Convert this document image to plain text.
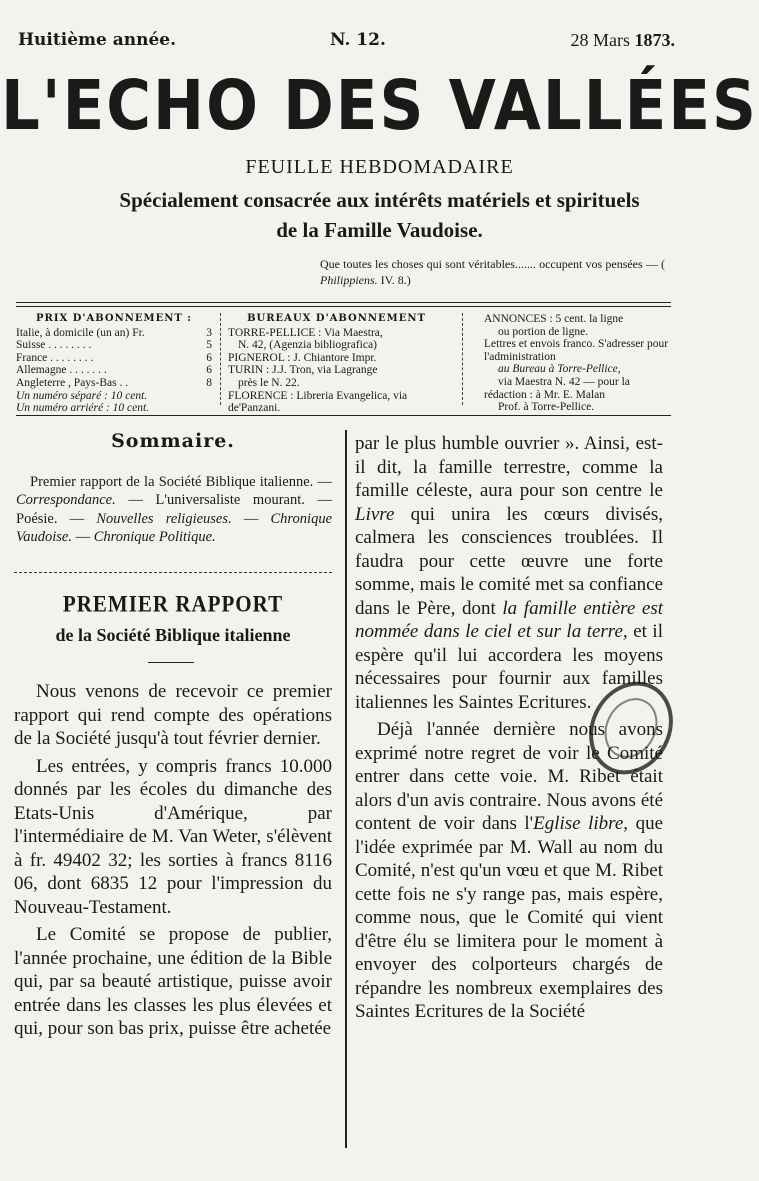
Huitième année.	N. 12.	28 Mars 1873.
L'ECHO DES VALLÉES
FEUILLE HEBDOMADAIRE
Spécialement consacrée aux intérêts matériels et spirituels
de la Famille Vaudoise.
Que toutes les choses qui sont véritables....... occupent vos pensées — ( Philippiens. IV. 8.)
PRIX D'ABONNEMENT :
Italie, à domicile (un an) Fr.	3
Suisse . . . . . . . .	5
France . . . . . . . .	6
Allemagne . . . . . . .	6
Angleterre , Pays-Bas . .	8
Un numéro séparé : 10 cent.
Un numéro arriéré : 10 cent.
BUREAUX D'ABONNEMENT
TORRE-PELLICE : Via Maestra,
N. 42, (Agenzia bibliografica)
PIGNEROL : J. Chiantore Impr.
TURIN : J.J. Tron, via Lagrange
près le N. 22.
FLORENCE : Libreria Evangelica, via de'Panzani.
ANNONCES : 5 cent. la ligne
ou portion de ligne.
Lettres et envois franco. S'adresser pour l'administration
au Bureau à Torre-Pellice,
via Maestra N. 42 — pour la
rédaction : à Mr. E. Malan
Prof. à Torre-Pellice.
Sommaire.

Premier rapport de la Société Biblique italienne. — Correspondance. — L'universaliste mourant. — Poésie. — Nouvelles religieuses. — Chronique Vaudoise. — Chronique Politique.

PREMIER RAPPORT
de la Société Biblique italienne

Nous venons de recevoir ce premier rapport qui rend compte des opérations de la Société jusqu'à tout février dernier.

Les entrées, y compris francs 10.000 donnés par les écoles du dimanche des Etats-Unis d'Amérique, par l'intermédiaire de M. Van Weter, s'élèvent à fr. 49402 32; les sorties à francs 8116 06, dont 6835 12 pour l'impression du Nouveau-Testament.

Le Comité se propose de publier, l'année prochaine, une édition de la Bible qui, par sa beauté artistique, puisse avoir entrée dans les classes les plus élevées et qui, pour son bas prix, puisse être achetée

par le plus humble ouvrier ». Ainsi, est-il dit, la famille terrestre, comme la famille céleste, aura pour son centre le Livre qui unira les cœurs divisés, calmera les consciences troublées. Il faudra pour cette œuvre une forte somme, mais le comité met sa confiance dans le Père, dont la famille entière est nommée dans le ciel et sur la terre, et il espère qu'il lui accordera les moyens nécessaires pour fournir aux familles italiennes les Saintes Ecritures.

Déjà l'année dernière nous avons exprimé notre regret de voir le Comité entrer dans cette voie. M. Ribet était alors d'un avis contraire. Nous avons été content de voir dans l'Eglise libre, que l'idée exprimée par M. Wall au nom du Comité, n'est qu'un vœu et que M. Ribet cette fois ne s'y range pas, mais espère, comme nous, que le Comité qui vient d'être élu se limitera pour le moment à envoyer des colporteurs chargés de répandre les nombreux exemplaires des Saintes Ecritures de la Société
